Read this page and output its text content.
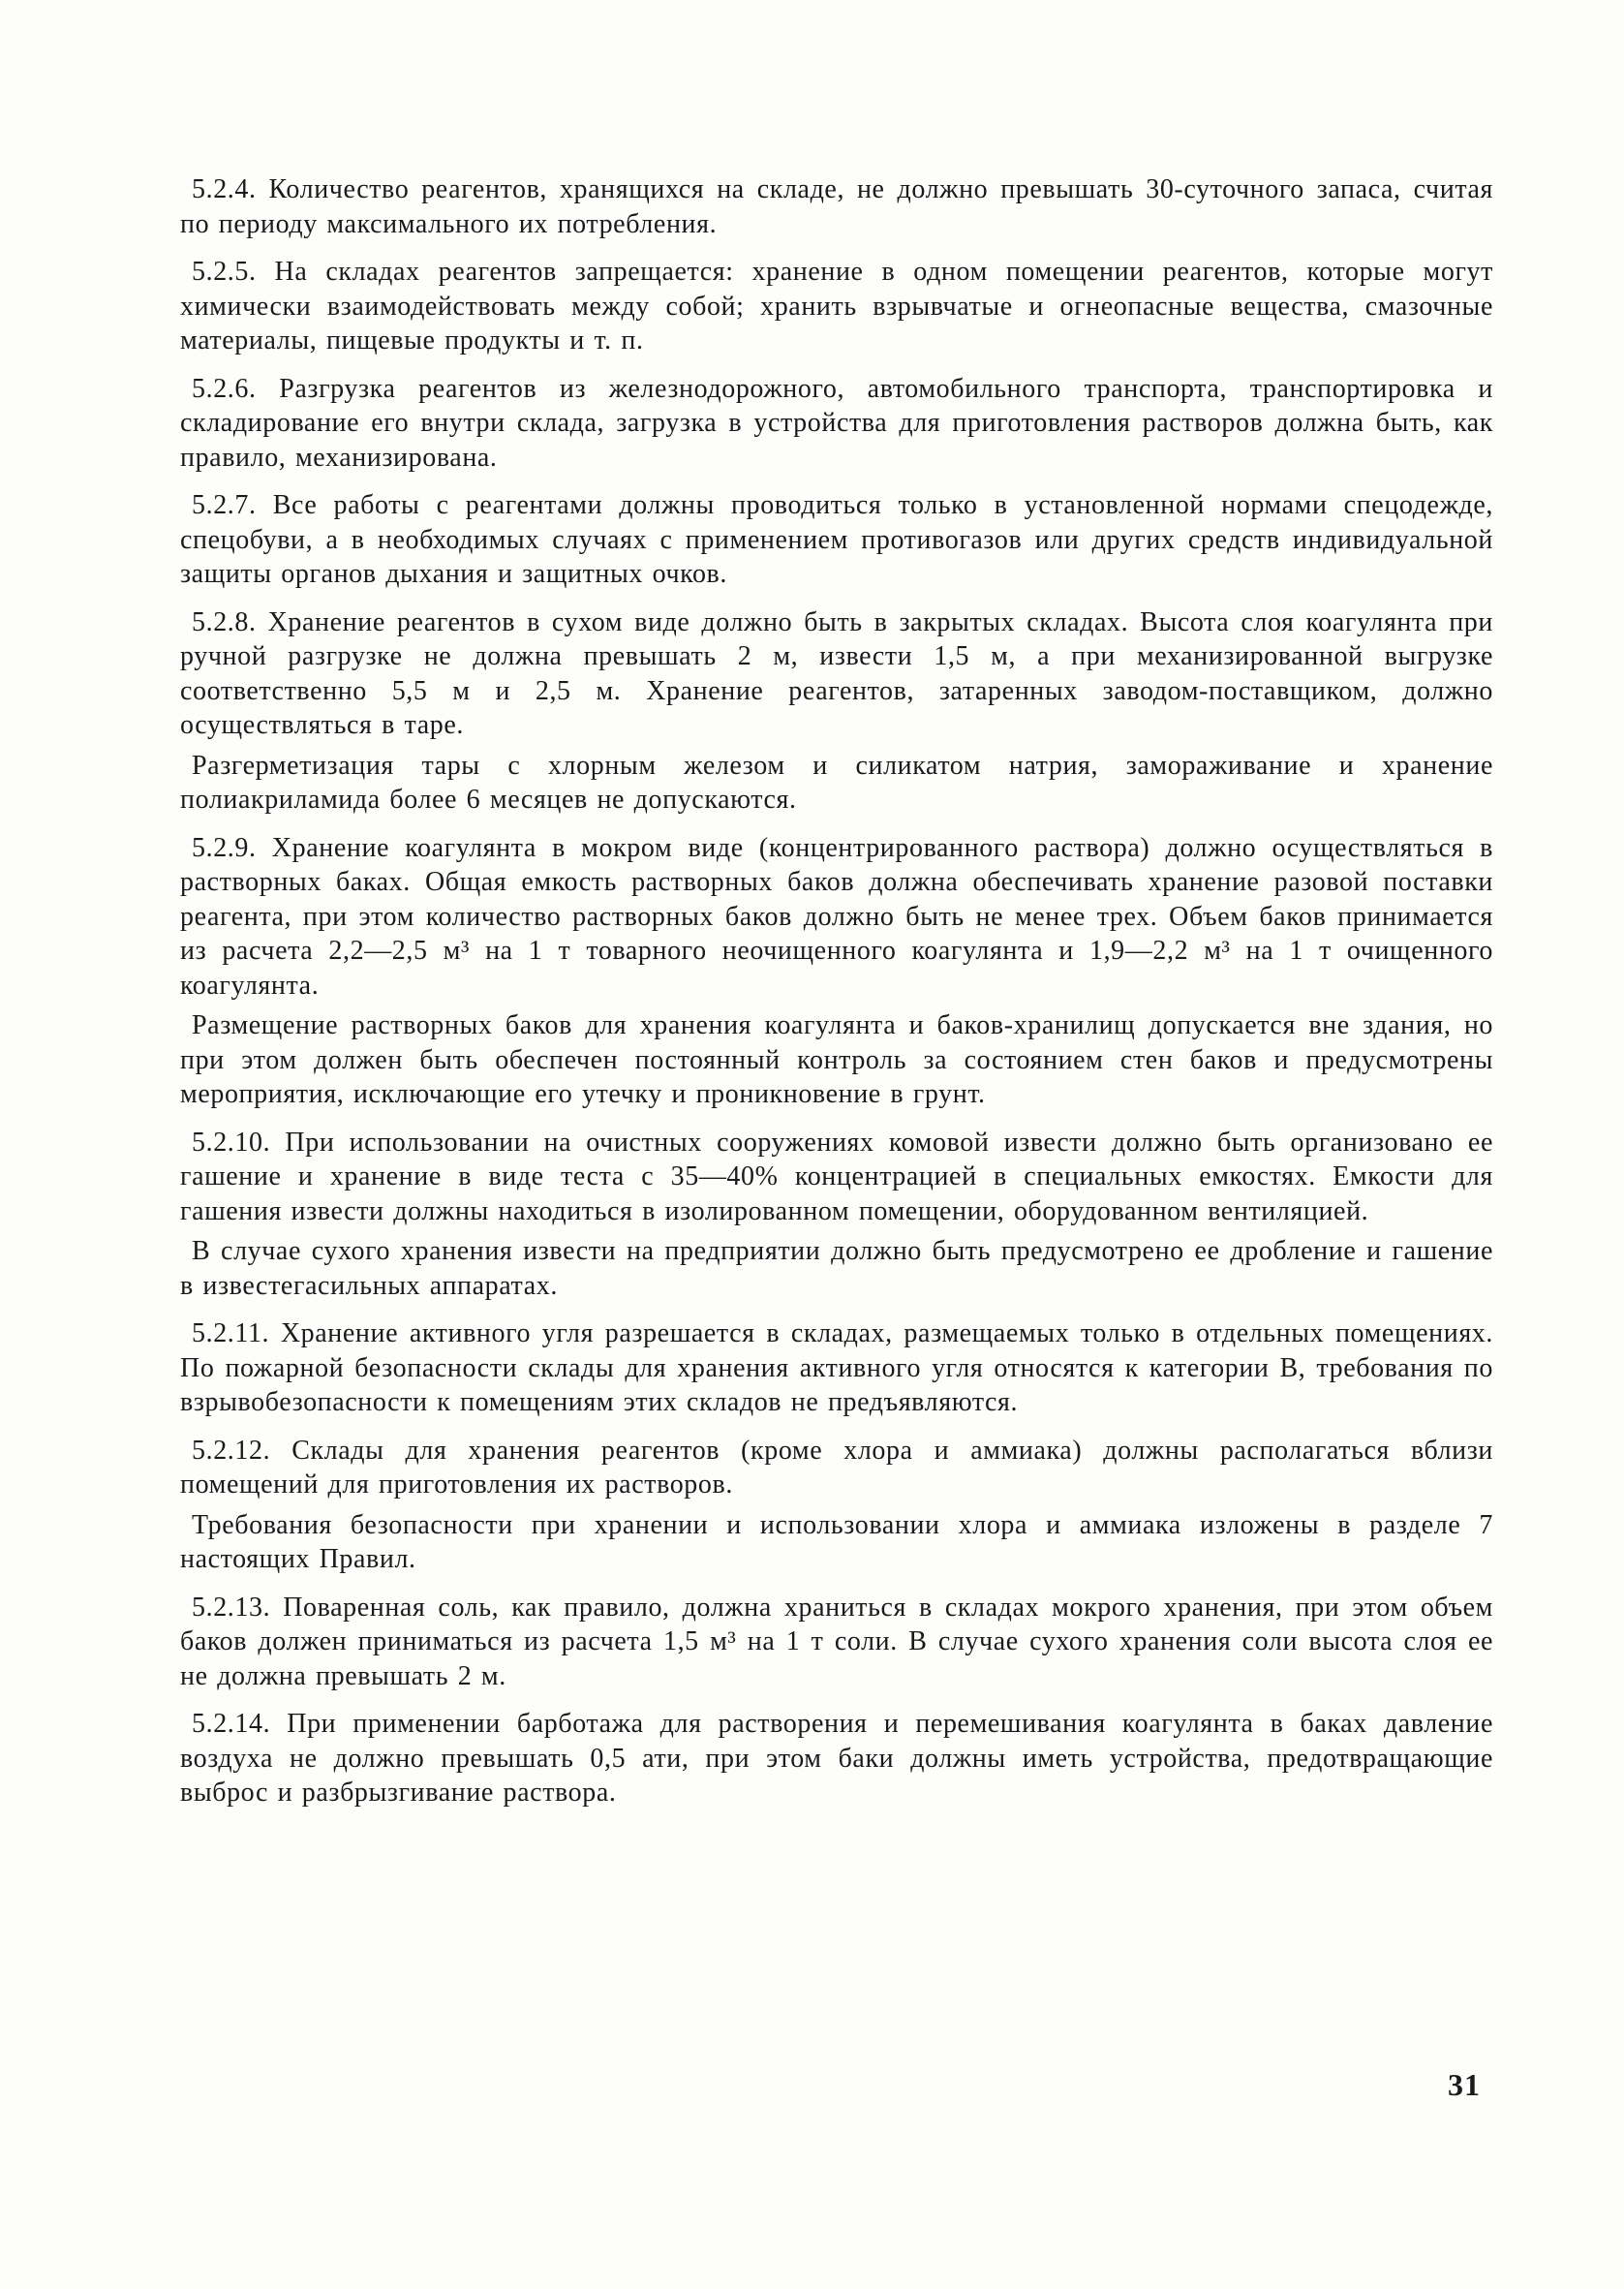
5.2.4. Количество реагентов, хранящихся на складе, не должно превышать 30-суточного запаса, считая по периоду максимального их потребления.

5.2.5. На складах реагентов запрещается: хранение в одном помещении реагентов, которые могут химически взаимодействовать между собой; хранить взрывчатые и огнеопасные вещества, смазочные материалы, пищевые продукты и т. п.

5.2.6. Разгрузка реагентов из железнодорожного, автомобильного транспорта, транспортировка и складирование его внутри склада, загрузка в устройства для приготовления растворов должна быть, как правило, механизирована.

5.2.7. Все работы с реагентами должны проводиться только в установленной нормами спецодежде, спецобуви, а в необходимых случаях с применением противогазов или других средств индивидуальной защиты органов дыхания и защитных очков.

5.2.8. Хранение реагентов в сухом виде должно быть в закрытых складах. Высота слоя коагулянта при ручной разгрузке не должна превышать 2 м, извести 1,5 м, а при механизированной выгрузке соответственно 5,5 м и 2,5 м. Хранение реагентов, затаренных заводом-поставщиком, должно осуществляться в таре.

Разгерметизация тары с хлорным железом и силикатом натрия, замораживание и хранение полиакриламида более 6 месяцев не допускаются.

5.2.9. Хранение коагулянта в мокром виде (концентрированного раствора) должно осуществляться в растворных баках. Общая емкость растворных баков должна обеспечивать хранение разовой поставки реагента, при этом количество растворных баков должно быть не менее трех. Объем баков принимается из расчета 2,2—2,5 м³ на 1 т товарного неочищенного коагулянта и 1,9—2,2 м³ на 1 т очищенного коагулянта.

Размещение растворных баков для хранения коагулянта и баков-хранилищ допускается вне здания, но при этом должен быть обеспечен постоянный контроль за состоянием стен баков и предусмотрены мероприятия, исключающие его утечку и проникновение в грунт.

5.2.10. При использовании на очистных сооружениях комовой извести должно быть организовано ее гашение и хранение в виде теста с 35—40% концентрацией в специальных емкостях. Емкости для гашения извести должны находиться в изолированном помещении, оборудованном вентиляцией.

В случае сухого хранения извести на предприятии должно быть предусмотрено ее дробление и гашение в известегасильных аппаратах.

5.2.11. Хранение активного угля разрешается в складах, размещаемых только в отдельных помещениях. По пожарной безопасности склады для хранения активного угля относятся к категории В, требования по взрывобезопасности к помещениям этих складов не предъявляются.

5.2.12. Склады для хранения реагентов (кроме хлора и аммиака) должны располагаться вблизи помещений для приготовления их растворов.

Требования безопасности при хранении и использовании хлора и аммиака изложены в разделе 7 настоящих Правил.

5.2.13. Поваренная соль, как правило, должна храниться в складах мокрого хранения, при этом объем баков должен приниматься из расчета 1,5 м³ на 1 т соли. В случае сухого хранения соли высота слоя ее не должна превышать 2 м.

5.2.14. При применении барботажа для растворения и перемешивания коагулянта в баках давление воздуха не должно превышать 0,5 ати, при этом баки должны иметь устройства, предотвращающие выброс и разбрызгивание раствора.

31
